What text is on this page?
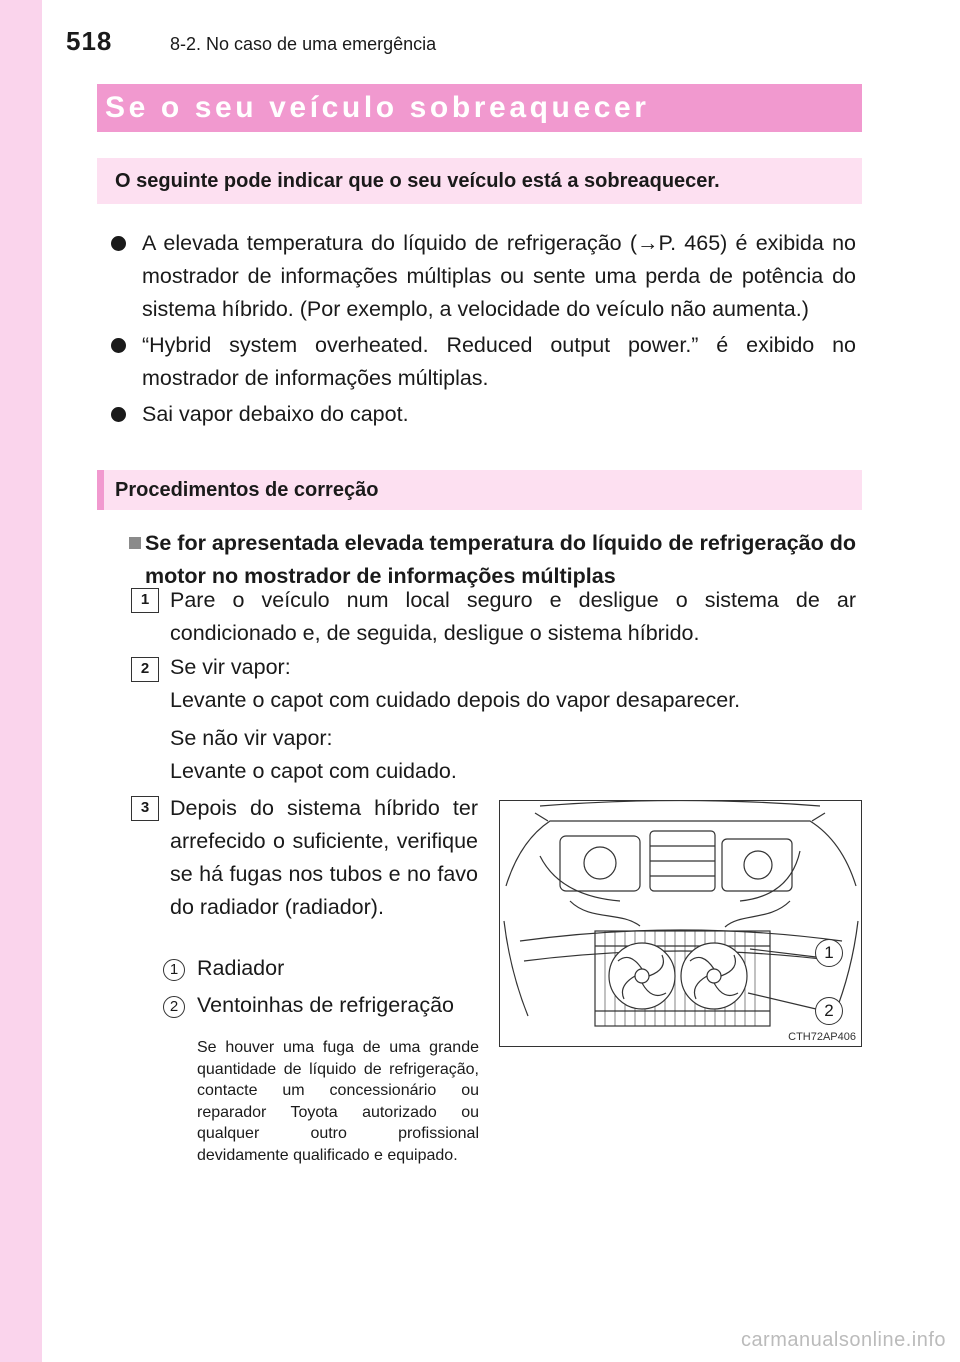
518	8-2. No caso de uma emergência
Se o seu veículo sobreaquecer
O seguinte pode indicar que o seu veículo está a sobreaquecer.
A elevada temperatura do líquido de refrigeração (→P. 465) é exibida no mostrador de informações múltiplas ou sente uma perda de potência do sistema híbrido. (Por exemplo, a velocidade do veículo não aumenta.)
“Hybrid system overheated. Reduced output power.” é exibido no mostrador de informações múltiplas.
Sai vapor debaixo do capot.
Procedimentos de correção
Se for apresentada elevada temperatura do líquido de refrigeração do motor no mostrador de informações múltiplas
1 Pare o veículo num local seguro e desligue o sistema de ar condicionado e, de seguida, desligue o sistema híbrido.
2 Se vir vapor:
Levante o capot com cuidado depois do vapor desaparecer.
Se não vir vapor:
Levante o capot com cuidado.
3 Depois do sistema híbrido ter arrefecido o suficiente, verifique se há fugas nos tubos e no favo do radiador (radiador).
1 Radiador
2 Ventoinhas de refrigeração
Se houver uma fuga de uma grande quantidade de líquido de refrigeração, contacte um concessionário ou reparador Toyota autorizado ou qualquer outro profissional devidamente qualificado e equipado.
1
2
CTH72AP406
carmanualsonline.info
